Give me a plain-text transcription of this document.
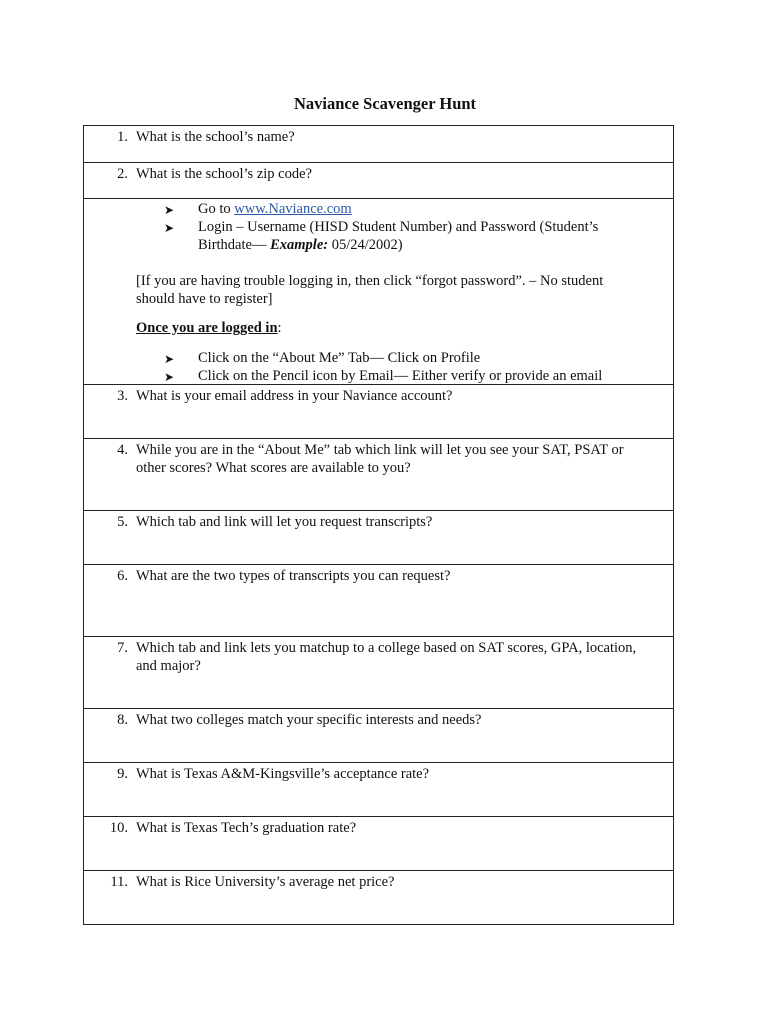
Naviance Scavenger Hunt
1. What is the school’s name?
2. What is the school’s zip code?
➤ Go to www.Naviance.com
➤ Login – Username (HISD Student Number) and Password (Student’s
Birthdate— Example: 05/24/2002)
[If you are having trouble logging in, then click “forgot password”. – No student
should have to register]
Once you are logged in:
➤ Click on the “About Me” Tab— Click on Profile
➤ Click on the Pencil icon by Email— Either verify or provide an email
3. What is your email address in your Naviance account?
4. While you are in the “About Me” tab which link will let you see your SAT, PSAT or
other scores? What scores are available to you?
5. Which tab and link will let you request transcripts?
6. What are the two types of transcripts you can request?
7. Which tab and link lets you matchup to a college based on SAT scores, GPA, location,
and major?
8. What two colleges match your specific interests and needs?
9. What is Texas A&M-Kingsville’s acceptance rate?
10. What is Texas Tech’s graduation rate?
11. What is Rice University’s average net price?
